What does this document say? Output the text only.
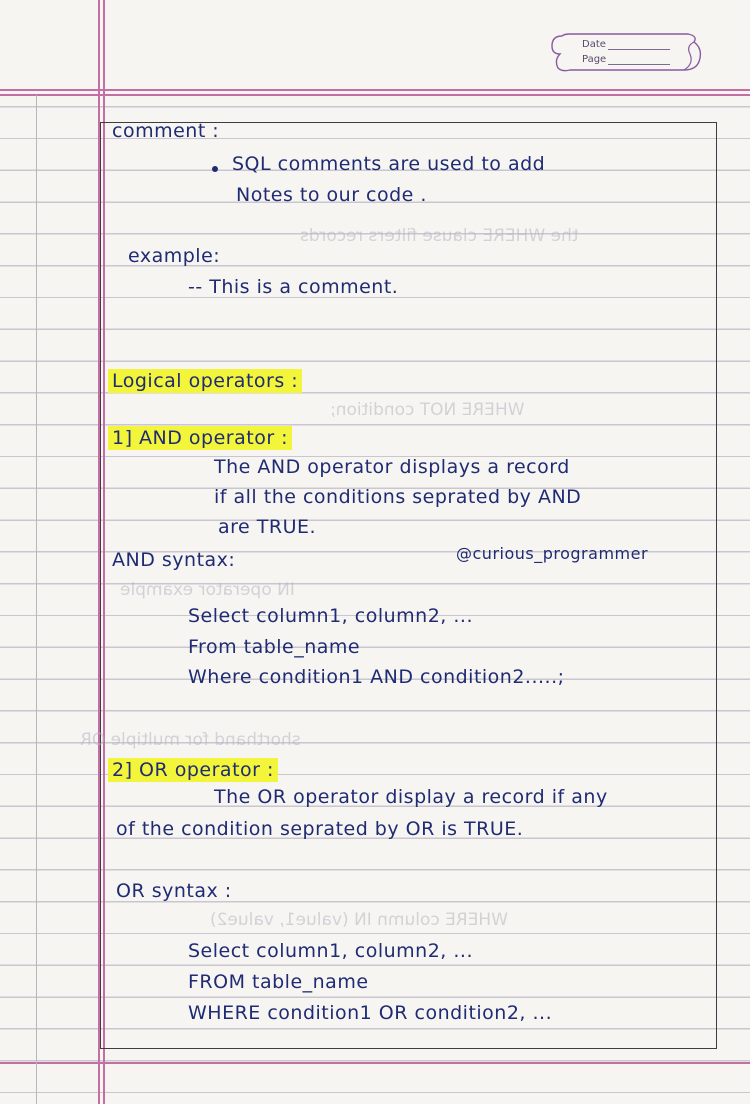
Date
Page
the WHERE clause filters records
WHERE NOT condition;
IN operator example
shorthand for multiple OR
WHERE column IN (value1, value2)
comment :
SQL comments are used to add
Notes to our code .
example:
-- This is a comment.
Logical operators :
1] AND operator :
The AND operator displays a record
if all the conditions seprated by AND
are TRUE.
AND syntax:	@curious_programmer
Select column1, column2, ...
From table_name
Where condition1 AND condition2.....;
2] OR operator :
The OR operator display a record if any
of the condition seprated by OR is TRUE.
OR syntax :
Select column1, column2, ...
FROM table_name
WHERE condition1 OR condition2, ...
